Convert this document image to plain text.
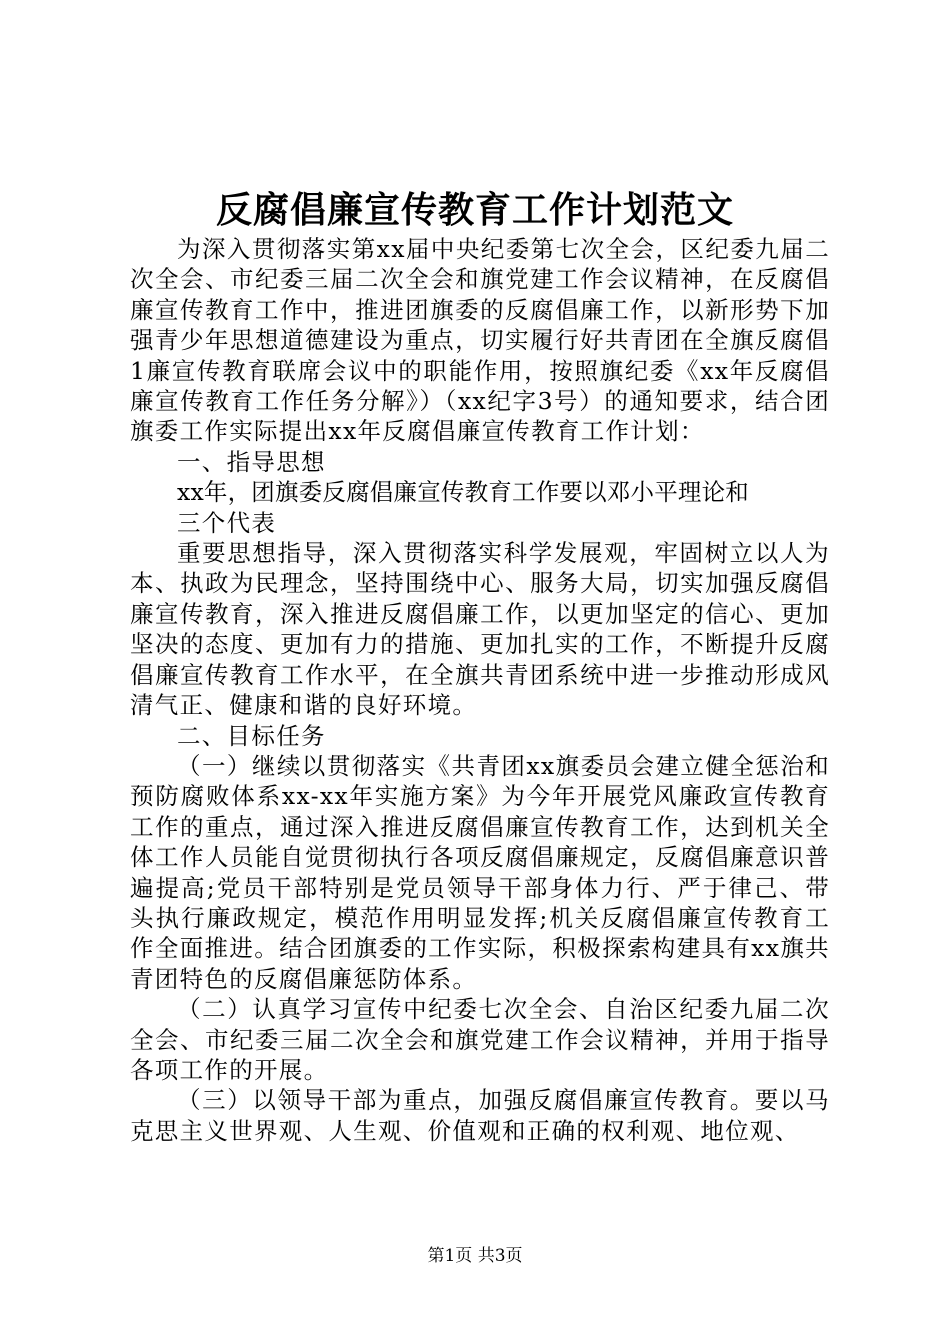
反腐倡廉宣传教育工作计划范文

为深入贯彻落实第xx届中央纪委第七次全会，区纪委九届二次全会、市纪委三届二次全会和旗党建工作会议精神，在反腐倡廉宣传教育工作中，推进团旗委的反腐倡廉工作，以新形势下加强青少年思想道德建设为重点，切实履行好共青团在全旗反腐倡1廉宣传教育联席会议中的职能作用，按照旗纪委《xx年反腐倡廉宣传教育工作任务分解》）（xx纪字3号）的通知要求，结合团旗委工作实际提出xx年反腐倡廉宣传教育工作计划：

一、指导思想

xx年，团旗委反腐倡廉宣传教育工作要以邓小平理论和

三个代表

重要思想指导，深入贯彻落实科学发展观，牢固树立以人为本、执政为民理念，坚持围绕中心、服务大局，切实加强反腐倡廉宣传教育，深入推进反腐倡廉工作，以更加坚定的信心、更加坚决的态度、更加有力的措施、更加扎实的工作，不断提升反腐倡廉宣传教育工作水平，在全旗共青团系统中进一步推动形成风清气正、健康和谐的良好环境。

二、目标任务

（一）继续以贯彻落实《共青团xx旗委员会建立健全惩治和预防腐败体系xx-xx年实施方案》为今年开展党风廉政宣传教育工作的重点，通过深入推进反腐倡廉宣传教育工作，达到机关全体工作人员能自觉贯彻执行各项反腐倡廉规定，反腐倡廉意识普遍提高;党员干部特别是党员领导干部身体力行、严于律己、带头执行廉政规定，模范作用明显发挥;机关反腐倡廉宣传教育工作全面推进。结合团旗委的工作实际，积极探索构建具有xx旗共青团特色的反腐倡廉惩防体系。

（二）认真学习宣传中纪委七次全会、自治区纪委九届二次全会、市纪委三届二次全会和旗党建工作会议精神，并用于指导各项工作的开展。

（三）以领导干部为重点，加强反腐倡廉宣传教育。要以马克思主义世界观、人生观、价值观和正确的权利观、地位观、

第1页 共3页
